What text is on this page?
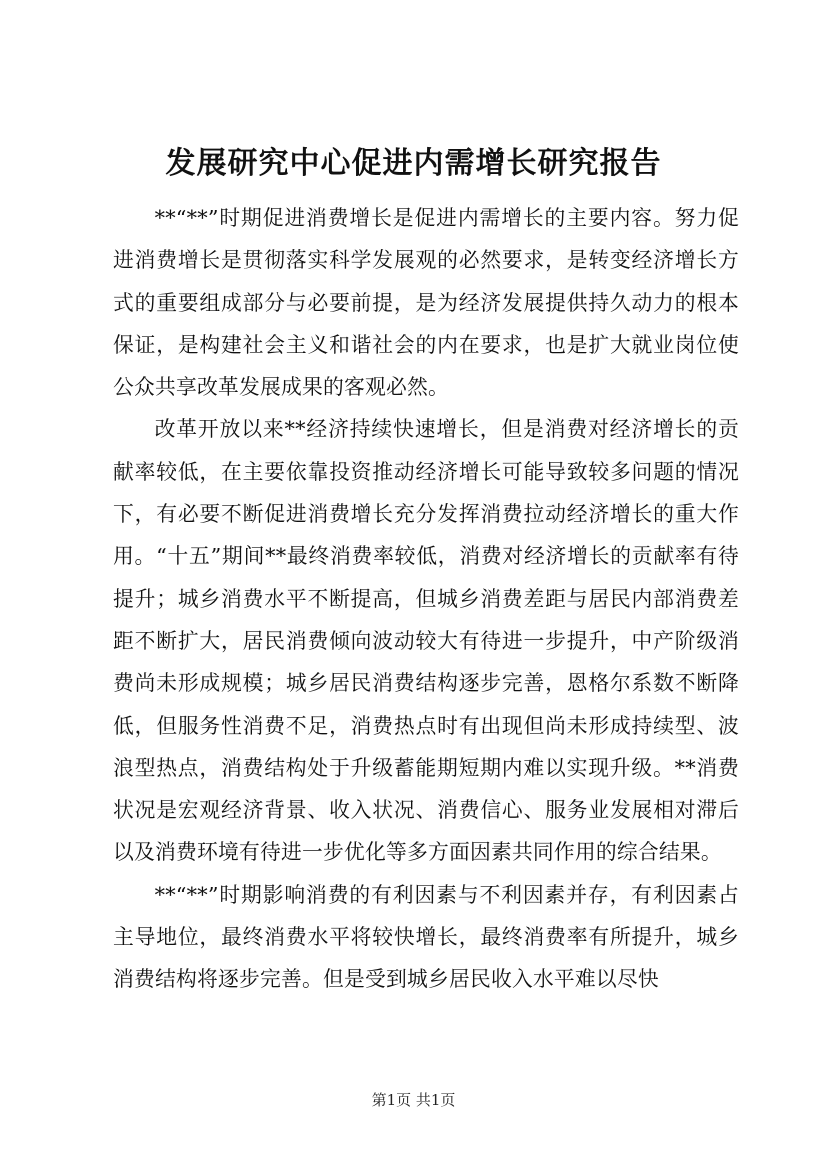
发展研究中心促进内需增长研究报告

**“**”时期促进消费增长是促进内需增长的主要内容。努力促进消费增长是贯彻落实科学发展观的必然要求，是转变经济增长方式的重要组成部分与必要前提，是为经济发展提供持久动力的根本保证，是构建社会主义和谐社会的内在要求，也是扩大就业岗位使公众共享改革发展成果的客观必然。

改革开放以来**经济持续快速增长，但是消费对经济增长的贡献率较低，在主要依靠投资推动经济增长可能导致较多问题的情况下，有必要不断促进消费增长充分发挥消费拉动经济增长的重大作用。“十五”期间**最终消费率较低，消费对经济增长的贡献率有待提升；城乡消费水平不断提高，但城乡消费差距与居民内部消费差距不断扩大，居民消费倾向波动较大有待进一步提升，中产阶级消费尚未形成规模；城乡居民消费结构逐步完善，恩格尔系数不断降低，但服务性消费不足，消费热点时有出现但尚未形成持续型、波浪型热点，消费结构处于升级蓄能期短期内难以实现升级。**消费状况是宏观经济背景、收入状况、消费信心、服务业发展相对滞后以及消费环境有待进一步优化等多方面因素共同作用的综合结果。

**“**”时期影响消费的有利因素与不利因素并存，有利因素占主导地位，最终消费水平将较快增长，最终消费率有所提升，城乡消费结构将逐步完善。但是受到城乡居民收入水平难以尽快

第1页 共1页
